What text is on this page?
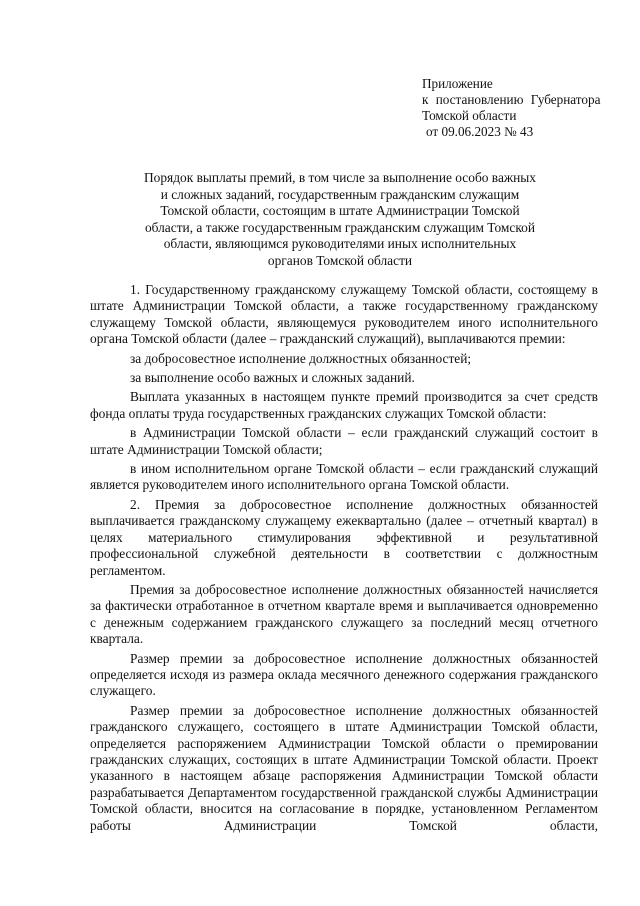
Приложение
к постановлению Губернатора
Томской области
от 09.06.2023 № 43
Порядок выплаты премий, в том числе за выполнение особо важных
и сложных заданий, государственным гражданским служащим
Томской области, состоящим в штате Администрации Томской
области, а также государственным гражданским служащим Томской
области, являющимся руководителями иных исполнительных
органов Томской области

1. Государственному гражданскому служащему Томской области, состоящему в штате Администрации Томской области, а также государственному гражданскому служащему Томской области, являющемуся руководителем иного исполнительного органа Томской области (далее – гражданский служащий), выплачиваются премии:

за добросовестное исполнение должностных обязанностей;

за выполнение особо важных и сложных заданий.

Выплата указанных в настоящем пункте премий производится за счет средств фонда оплаты труда государственных гражданских служащих Томской области:

в Администрации Томской области – если гражданский служащий состоит в штате Администрации Томской области;

в ином исполнительном органе Томской области – если гражданский служащий является руководителем иного исполнительного органа Томской области.

2. Премия за добросовестное исполнение должностных обязанностей выплачивается гражданскому служащему ежеквартально (далее – отчетный квартал) в целях материального стимулирования эффективной и результативной профессиональной служебной деятельности в соответствии с должностным регламентом.

Премия за добросовестное исполнение должностных обязанностей начисляется за фактически отработанное в отчетном квартале время и выплачивается одновременно с денежным содержанием гражданского служащего за последний месяц отчетного квартала.

Размер премии за добросовестное исполнение должностных обязанностей определяется исходя из размера оклада месячного денежного содержания гражданского служащего.

Размер премии за добросовестное исполнение должностных обязанностей гражданского служащего, состоящего в штате Администрации Томской области, определяется распоряжением Администрации Томской области о премировании гражданских служащих, состоящих в штате Администрации Томской области. Проект указанного в настоящем абзаце распоряжения Администрации Томской области разрабатывается Департаментом государственной гражданской службы Администрации Томской области, вносится на согласование в порядке, установленном Регламентом работы Администрации Томской области,
